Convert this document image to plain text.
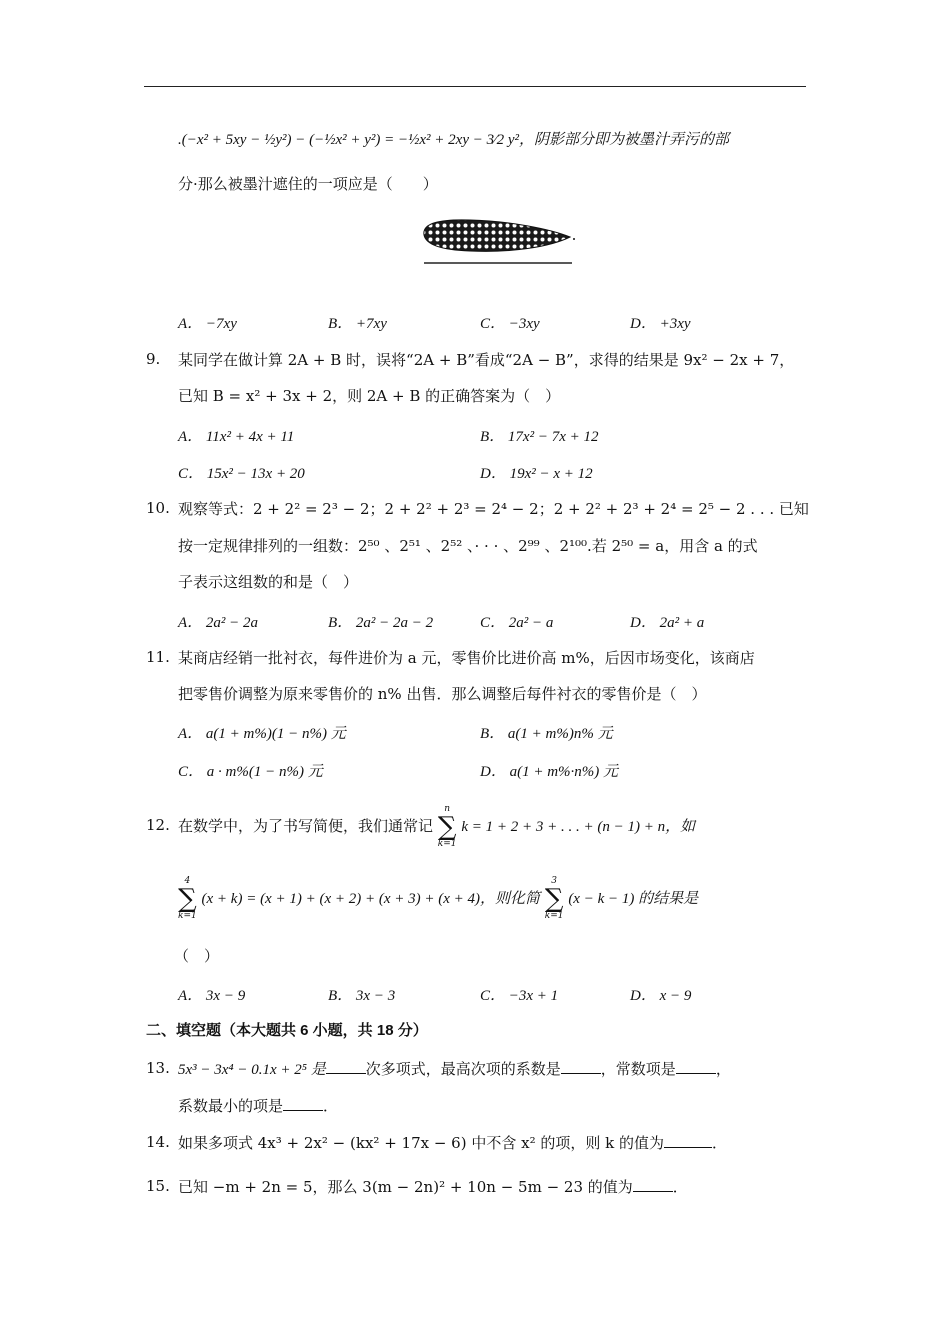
.(−x² + 5xy − ½y²) − (−½x² + y²) = −½x² + 2xy − 3⁄2 y²，阴影部分即为被墨汁弄污的部
分·那么被墨汁遮住的一项应是（　　）
A． −7xy	B． +7xy	C． −3xy	D． +3xy
9. 某同学在做计算 2A + B 时，误将“2A + B”看成“2A − B”，求得的结果是 9x² − 2x + 7，
已知 B = x² + 3x + 2，则 2A + B 的正确答案为（　）
A． 11x² + 4x + 11	B． 17x² − 7x + 12
C． 15x² − 13x + 20	D． 19x² − x + 12
10. 观察等式：2 + 2² = 2³ − 2；2 + 2² + 2³ = 2⁴ − 2；2 + 2² + 2³ + 2⁴ = 2⁵ − 2 . . . 已知
按一定规律排列的一组数：2⁵⁰ 、2⁵¹ 、2⁵² 、· · · 、2⁹⁹ 、2¹⁰⁰.若 2⁵⁰ = a，用含 a 的式
子表示这组数的和是（　）
A． 2a² − 2a	B． 2a² − 2a − 2	C． 2a² − a	D． 2a² + a
11. 某商店经销一批衬衣，每件进价为 a 元，零售价比进价高 m%，后因市场变化，该商店
把零售价调整为原来零售价的 n% 出售．那么调整后每件衬衣的零售价是（　）
A． a(1 + m%)(1 − n%) 元	B． a(1 + m%)n% 元
C． a · m%(1 − n%) 元	D． a(1 + m%·n%) 元
12. 在数学中，为了书写简便，我们通常记
n
∑
k=1
k = 1 + 2 + 3 + . . . + (n − 1) + n，如
4
∑
k=1
(x + k) = (x + 1) + (x + 2) + (x + 3) + (x + 4)，则化简
3
∑
k=1
(x − k − 1) 的结果是
（　）
A． 3x − 9	B． 3x − 3	C． −3x + 1	D． x − 9
二、填空题（本大题共 6 小题，共 18 分）
13. 5x³ − 3x⁴ − 0.1x + 2⁵ 是	次多项式，最高次项的系数是	，常数项是	，
系数最小的项是	．
14. 如果多项式 4x³ + 2x² − (kx² + 17x − 6) 中不含 x² 的项，则 k 的值为	．
15. 已知 −m + 2n = 5，那么 3(m − 2n)² + 10n − 5m − 23 的值为	．
